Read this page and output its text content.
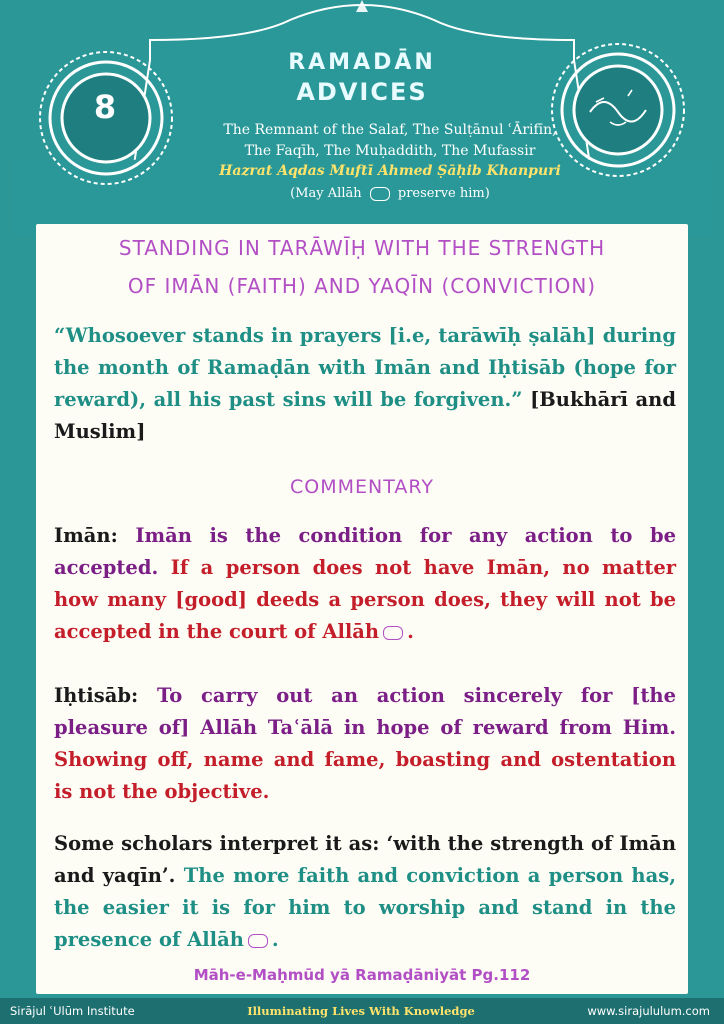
8
RAMADĀN
ADVICES
The Remnant of the Salaf, The Sulṭānul ʿĀrifīn,
The Faqīh, The Muḥaddith, The Mufassir
Hazrat Aqdas Muftī Ahmed Ṣāḥib Khanpuri
(May Allāh	preserve him)
STANDING IN TARĀWĪḤ WITH THE STRENGTH
OF IMĀN (FAITH) AND YAQĪN (CONVICTION)
“Whosoever stands in prayers [i.e, tarāwīḥ ṣalāh] during the month of Ramaḍān with Imān and Iḥtisāb (hope for reward), all his past sins will be forgiven.” [Bukhārī and Muslim]
COMMENTARY
Imān: Imān is the condition for any action to be accepted. If a person does not have Imān, no matter how many [good] deeds a person does, they will not be accepted in the court of Allāh .
Iḥtisāb: To carry out an action sincerely for [the pleasure of] Allāh Taʿālā in hope of reward from Him. Showing off, name and fame, boasting and ostentation is not the objective.
Some scholars interpret it as: ‘with the strength of Imān and yaqīn’. The more faith and conviction a person has, the easier it is for him to worship and stand in the presence of Allāh .
Māh-e-Maḥmūd yā Ramaḍāniyāt Pg.112
Sirājul ʿUlūm Institute	Illuminating Lives With Knowledge	www.sirajululum.com
